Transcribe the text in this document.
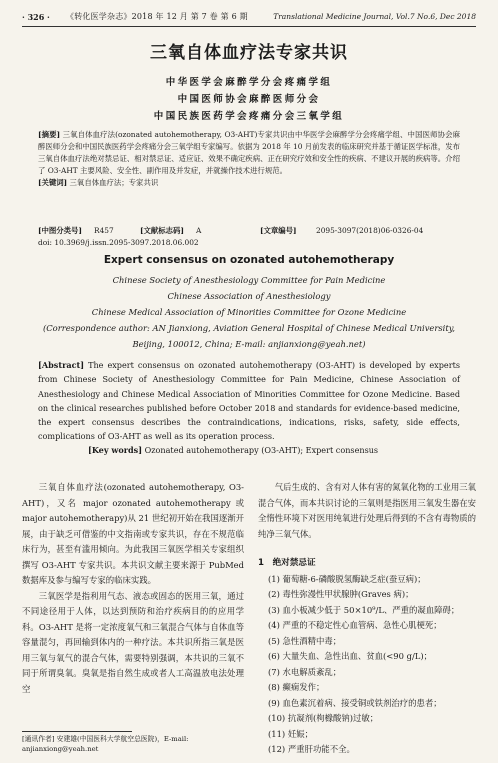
· 326 · 《转化医学杂志》2018 年 12 月 第 7 卷 第 6 期	Translational Medicine Journal, Vol.7 No.6, Dec 2018
三氧自体血疗法专家共识
中华医学会麻醉学分会疼痛学组
中国医师协会麻醉医师分会
中国民族医药学会疼痛分会三氧学组
[摘要] 三氧自体血疗法(ozonated autohemotherapy, O3-AHT)专家共识由中华医学会麻醉学分会疼痛学组、中国医师协会麻醉医师分会和中国民族医药学会疼痛分会三氧学组专家编写。依据为 2018 年 10 月前发表的临床研究并基于循证医学标准，发布三氧自体血疗法绝对禁忌证、相对禁忌证、适应证、效果不确定疾病、正在研究疗效和安全性的疾病、不建议开展的疾病等。介绍了 O3-AHT 主要风险、安全性、副作用及并发症，并就操作技术进行规范。
[关键词] 三氧自体血疗法；专家共识
[中图分类号] R457	[文献标志码] A	[文章编号]	2095-3097(2018)06-0326-04
doi: 10.3969/j.issn.2095-3097.2018.06.002
Expert consensus on ozonated autohemotherapy
Chinese Society of Anesthesiology Committee for Pain Medicine
Chinese Association of Anesthesiology
Chinese Medical Association of Minorities Committee for Ozone Medicine
(Correspondence author: AN Jianxiong, Aviation General Hospital of Chinese Medical University,
Beijing, 100012, China; E-mail: anjianxiong@yeah.net)
[Abstract] The expert consensus on ozonated autohemotherapy (O3-AHT) is developed by experts from Chinese Society of Anesthesiology Committee for Pain Medicine, Chinese Association of Anesthesiology and Chinese Medical Association of Minorities Committee for Ozone Medicine. Based on the clinical researches published before October 2018 and standards for evidence-based medicine, the expert consensus describes the contraindications, indications, risks, safety, side effects, complications of O3-AHT as well as its operation process.
[Key words] Ozonated autohemotherapy (O3-AHT); Expert consensus

三氧自体血疗法(ozonated autohemotherapy, O3-AHT)，又名 major ozonated autohemotherapy 或 major autohemotherapy)从 21 世纪初开始在我国逐渐开展，由于缺乏可借鉴的中文指南或专家共识，存在不规范临床行为，甚至有滥用倾向。为此我国三氧医学相关专家组织撰写 O3-AHT 专家共识。本共识文献主要来源于 PubMed 数据库及参与编写专家的临床实践。

三氧医学是指利用气态、液态或固态的医用三氧，通过不同途径用于人体，以达到预防和治疗疾病目的的应用学科。O3-AHT 是将一定浓度氧气和三氧混合气体与自体血等容量混匀，再回输到体内的一种疗法。本共识所指三氧是医用三氧与氧气的混合气体，需要特别强调，本共识的三氧不同于所谓臭氧。臭氧是指自然生成或者人工高温放电法处理空

气后生成的、含有对人体有害的氮氧化物的工业用三氧混合气体，而本共识讨论的三氧则是指医用三氧发生器在安全惰性环境下对医用纯氧进行处理后得到的不含有毒物质的纯净三氧气体。

1　绝对禁忌证
(1) 葡萄糖-6-磷酸脱氢酶缺乏症(蚕豆病)；
(2) 毒性弥漫性甲状腺肿(Graves 病)；
(3) 血小板减少低于 50×10⁹/L、严重的凝血障碍；
(4) 严重的不稳定性心血管病、急性心肌梗死；
(5) 急性酒精中毒；
(6) 大量失血、急性出血、贫血(<90 g/L)；
(7) 水电解质紊乱；
(8) 癫痫发作；
(9) 血色素沉着病、接受铜或铁剂治疗的患者；
(10) 抗凝剂(枸橼酸钠)过敏；
(11) 妊娠；
(12) 严重肝功能不全。
[通讯作者] 安建雄(中国医科大学航空总医院)，E-mail: anjianxiong@yeah.net
